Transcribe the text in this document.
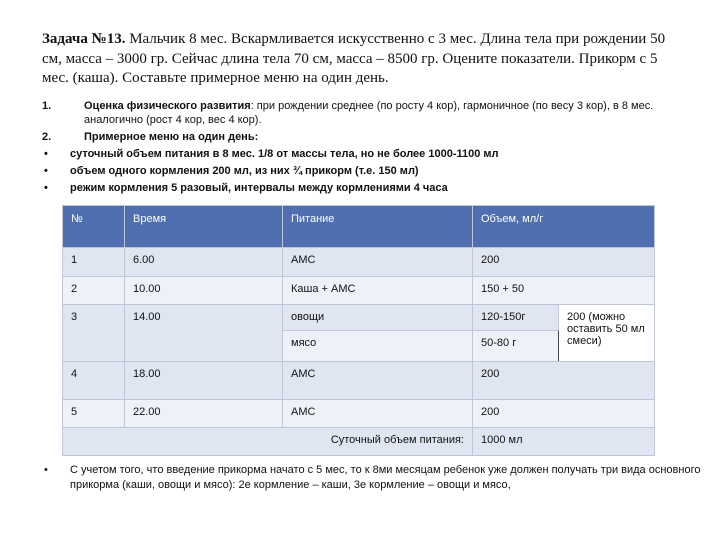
Задача №13. Мальчик 8 мес. Вскармливается искусственно с 3 мес. Длина тела при рождении 50 см, масса – 3000 гр. Сейчас длина тела 70 см, масса – 8500 гр. Оцените показатели. Прикорм с 5 мес. (каша). Составьте примерное меню на один день.
1.	Оценка физического развития: при рождении среднее (по росту 4 кор), гармоничное (по весу 3 кор), в 8 мес. аналогично (рост 4 кор, вес 4 кор).
2.	Примерное меню на один день:
• суточный объем питания в 8 мес. 1/8 от массы тела, но не более 1000-1100 мл
• объем одного кормления 200 мл, из них ¾ прикорм (т.е. 150 мл)
• режим кормления 5 разовый, интервалы между кормлениями 4 часа
№	Время	Питание	Объем, мл/г	
1	6.00	АМС	200	
2	10.00	Каша + АМС	150 + 50	
3	14.00	овощи	120-150г	200 (можно оставить 50 мл смеси)
		мясо	50-80 г	
4	18.00	АМС	200	
5	22.00	АМС	200	
Суточный объем питания:			1000 мл	
• С учетом того, что введение прикорма начато с 5 мес, то к 8ми месяцам ребенок уже должен получать три вида основного прикорма (каши, овощи и мясо): 2е кормление – каши, 3е кормление – овощи и мясо,
